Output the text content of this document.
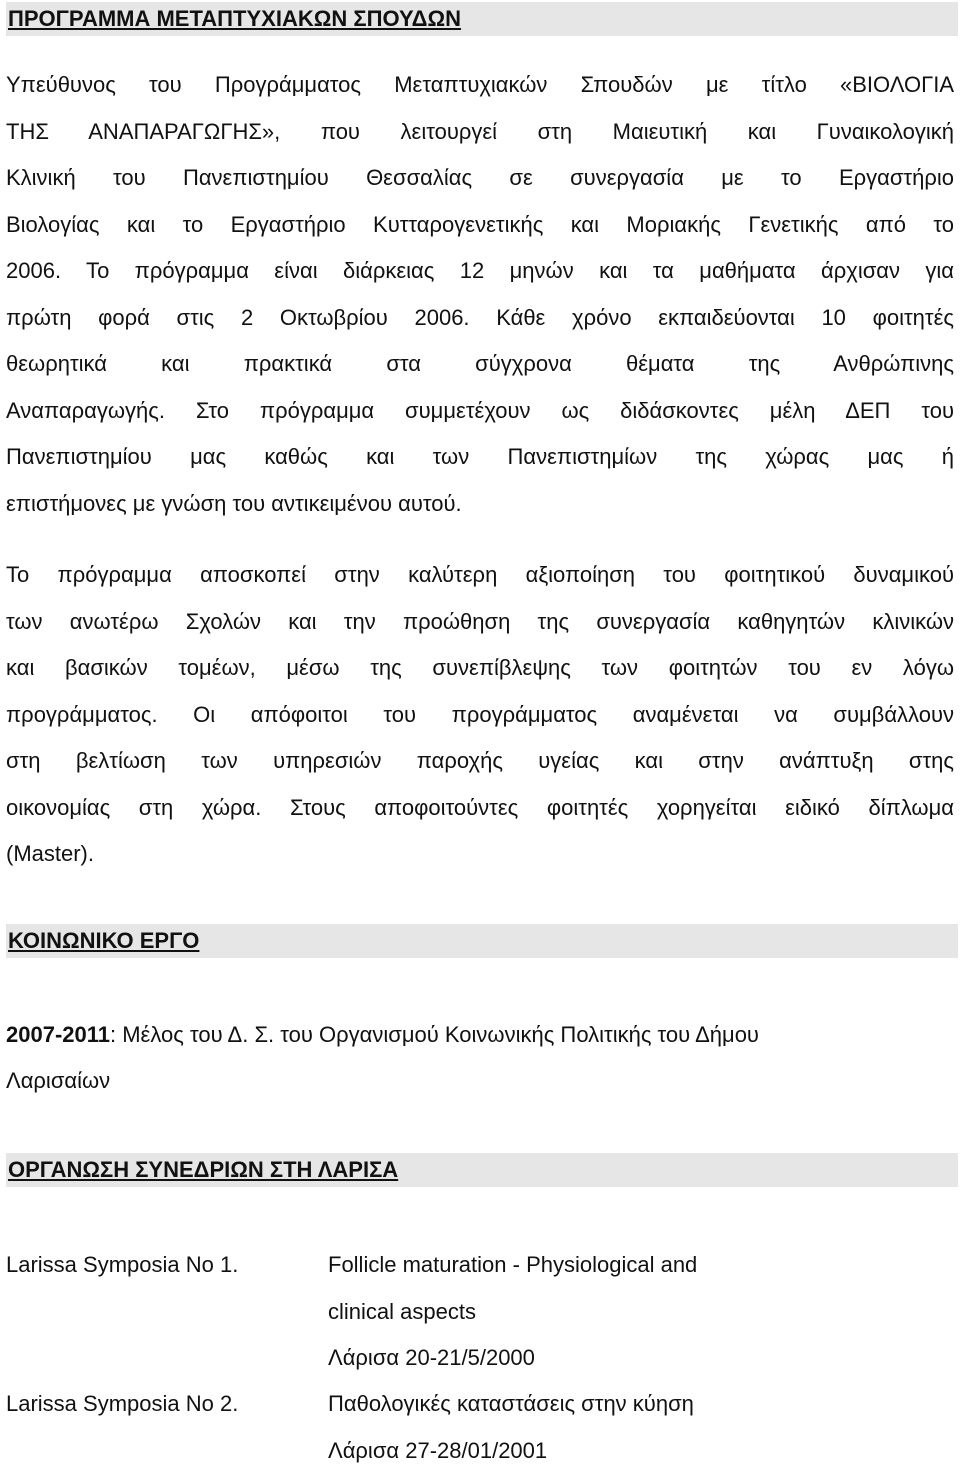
ΠΡΟΓΡΑΜΜΑ ΜΕΤΑΠΤΥΧΙΑΚΩΝ ΣΠΟΥΔΩΝ

Υπεύθυνος του Προγράμματος Μεταπτυχιακών Σπουδών με τίτλο «ΒΙΟΛΟΓΙΑ
ΤΗΣ ΑΝΑΠΑΡΑΓΩΓΗΣ», που λειτουργεί στη Μαιευτική και Γυναικολογική
Κλινική του Πανεπιστημίου Θεσσαλίας σε συνεργασία με το Εργαστήριο
Βιολογίας και το Εργαστήριο Κυτταρογενετικής και Μοριακής Γενετικής από το
2006. Το πρόγραμμα είναι διάρκειας 12 μηνών και τα μαθήματα άρχισαν για
πρώτη φορά στις 2 Οκτωβρίου 2006. Κάθε χρόνο εκπαιδεύονται 10 φοιτητές
θεωρητικά και πρακτικά στα σύγχρονα θέματα της Ανθρώπινης
Αναπαραγωγής. Στο πρόγραμμα συμμετέχουν ως διδάσκοντες μέλη ΔΕΠ του
Πανεπιστημίου μας καθώς και των Πανεπιστημίων της χώρας μας ή
επιστήμονες με γνώση του αντικειμένου αυτού.

Το πρόγραμμα αποσκοπεί στην καλύτερη αξιοποίηση του φοιτητικού δυναμικού
των ανωτέρω Σχολών και την προώθηση της συνεργασία καθηγητών κλινικών
και βασικών τομέων, μέσω της συνεπίβλεψης των φοιτητών του εν λόγω
προγράμματος. Οι απόφοιτοι του προγράμματος αναμένεται να συμβάλλουν
στη βελτίωση των υπηρεσιών παροχής υγείας και στην ανάπτυξη στης
οικονομίας στη χώρα. Στους αποφοιτούντες φοιτητές χορηγείται ειδικό δίπλωμα
(Master).

ΚΟΙΝΩΝΙΚΟ ΕΡΓΟ
2007-2011: Μέλος του Δ. Σ. του Οργανισμού Κοινωνικής Πολιτικής του Δήμου
Λαρισαίων
ΟΡΓΑΝΩΣΗ ΣΥΝΕΔΡΙΩΝ ΣΤΗ ΛΑΡΙΣΑ
Larissa Symposia No 1.	Follicle maturation - Physiological and
clinical aspects
Λάρισα 20-21/5/2000
Larissa Symposia No 2.	Παθολογικές καταστάσεις στην κύηση
Λάρισα 27-28/01/2001
